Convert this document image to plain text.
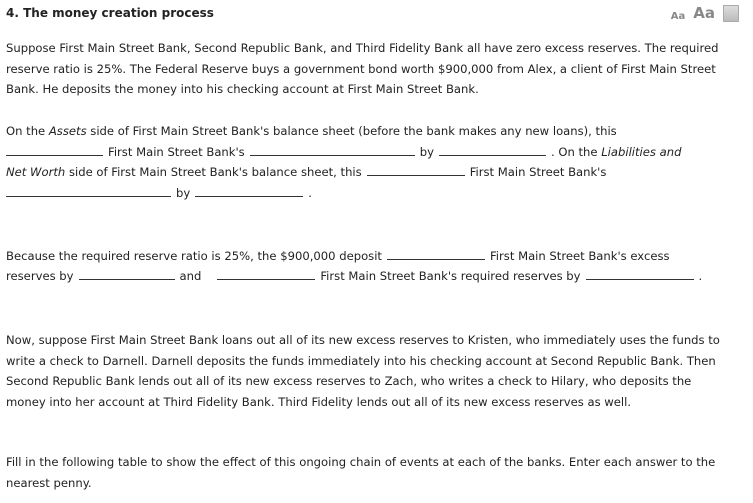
4. The money creation process	Aa Aa

Suppose First Main Street Bank, Second Republic Bank, and Third Fidelity Bank all have zero excess reserves. The required reserve ratio is 25%. The Federal Reserve buys a government bond worth $900,000 from Alex, a client of First Main Street Bank. He deposits the money into his checking account at First Main Street Bank.

On the Assets side of First Main Street Bank's balance sheet (before the bank makes any new loans), this
First Main Street Bank's	by	. On the Liabilities and
Net Worth side of First Main Street Bank's balance sheet, this	First Main Street Bank's
by	.
Because the required reserve ratio is 25%, the $900,000 deposit	First Main Street Bank's excess
reserves by	and	First Main Street Bank's required reserves by	.

Now, suppose First Main Street Bank loans out all of its new excess reserves to Kristen, who immediately uses the funds to write a check to Darnell. Darnell deposits the funds immediately into his checking account at Second Republic Bank. Then Second Republic Bank lends out all of its new excess reserves to Zach, who writes a check to Hilary, who deposits the money into her account at Third Fidelity Bank. Third Fidelity lends out all of its new excess reserves as well.

Fill in the following table to show the effect of this ongoing chain of events at each of the banks. Enter each answer to the nearest penny.
